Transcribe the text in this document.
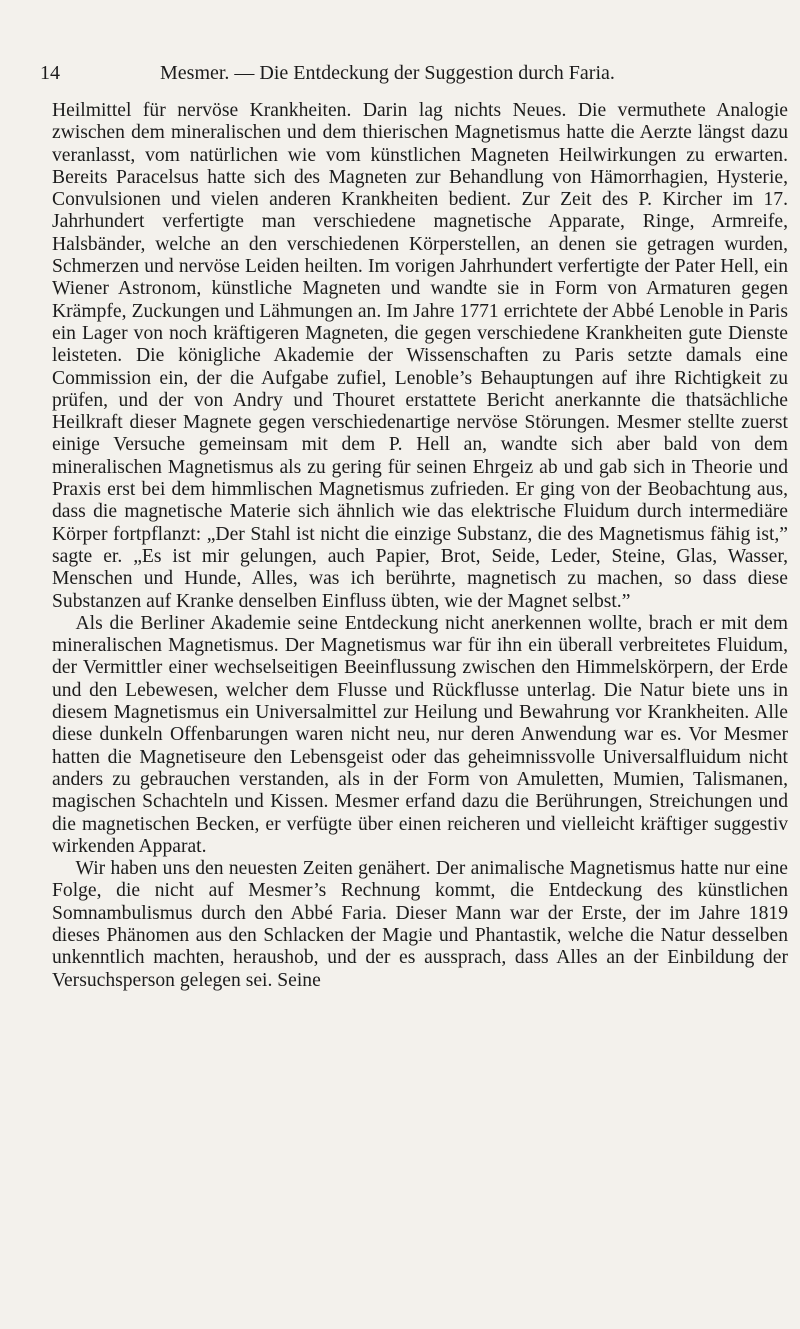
14	Mesmer. — Die Entdeckung der Suggestion durch Faria.

Heilmittel für nervöse Krankheiten. Darin lag nichts Neues. Die vermuthete Analogie zwischen dem mineralischen und dem thierischen Magnetismus hatte die Aerzte längst dazu veranlasst, vom natürlichen wie vom künstlichen Magneten Heilwirkungen zu erwarten. Bereits Paracelsus hatte sich des Magneten zur Behandlung von Hämorrhagien, Hysterie, Convulsionen und vielen anderen Krankheiten bedient. Zur Zeit des P. Kircher im 17. Jahrhundert verfertigte man verschiedene magnetische Apparate, Ringe, Armreife, Halsbänder, welche an den verschiedenen Körperstellen, an denen sie getragen wurden, Schmerzen und nervöse Leiden heilten. Im vorigen Jahrhundert verfertigte der Pater Hell, ein Wiener Astronom, künstliche Magneten und wandte sie in Form von Armaturen gegen Krämpfe, Zuckungen und Lähmungen an. Im Jahre 1771 errichtete der Abbé Lenoble in Paris ein Lager von noch kräftigeren Magneten, die gegen verschiedene Krankheiten gute Dienste leisteten. Die königliche Akademie der Wissenschaften zu Paris setzte damals eine Commission ein, der die Aufgabe zufiel, Lenoble’s Behauptungen auf ihre Richtigkeit zu prüfen, und der von Andry und Thouret erstattete Bericht anerkannte die thatsächliche Heilkraft dieser Magnete gegen verschiedenartige nervöse Störungen. Mesmer stellte zuerst einige Versuche gemeinsam mit dem P. Hell an, wandte sich aber bald von dem mineralischen Magnetismus als zu gering für seinen Ehrgeiz ab und gab sich in Theorie und Praxis erst bei dem himmlischen Magnetismus zufrieden. Er ging von der Beobachtung aus, dass die magnetische Materie sich ähnlich wie das elektrische Fluidum durch intermediäre Körper fortpflanzt: „Der Stahl ist nicht die einzige Substanz, die des Magnetismus fähig ist,” sagte er. „Es ist mir gelungen, auch Papier, Brot, Seide, Leder, Steine, Glas, Wasser, Menschen und Hunde, Alles, was ich berührte, magnetisch zu machen, so dass diese Substanzen auf Kranke denselben Einfluss übten, wie der Magnet selbst.”

Als die Berliner Akademie seine Entdeckung nicht anerkennen wollte, brach er mit dem mineralischen Magnetismus. Der Magnetismus war für ihn ein überall verbreitetes Fluidum, der Vermittler einer wechselseitigen Beeinflussung zwischen den Himmelskörpern, der Erde und den Lebewesen, welcher dem Flusse und Rückflusse unterlag. Die Natur biete uns in diesem Magnetismus ein Universalmittel zur Heilung und Bewahrung vor Krankheiten. Alle diese dunkeln Offenbarungen waren nicht neu, nur deren Anwendung war es. Vor Mesmer hatten die Magnetiseure den Lebensgeist oder das geheimnissvolle Universalfluidum nicht anders zu gebrauchen verstanden, als in der Form von Amuletten, Mumien, Talismanen, magischen Schachteln und Kissen. Mesmer erfand dazu die Berührungen, Streichungen und die magnetischen Becken, er verfügte über einen reicheren und vielleicht kräftiger suggestiv wirkenden Apparat.

Wir haben uns den neuesten Zeiten genähert. Der animalische Magnetismus hatte nur eine Folge, die nicht auf Mesmer’s Rechnung kommt, die Entdeckung des künstlichen Somnambulismus durch den Abbé Faria. Dieser Mann war der Erste, der im Jahre 1819 dieses Phänomen aus den Schlacken der Magie und Phantastik, welche die Natur desselben unkenntlich machten, heraushob, und der es aussprach, dass Alles an der Einbildung der Versuchsperson gelegen sei. Seine
